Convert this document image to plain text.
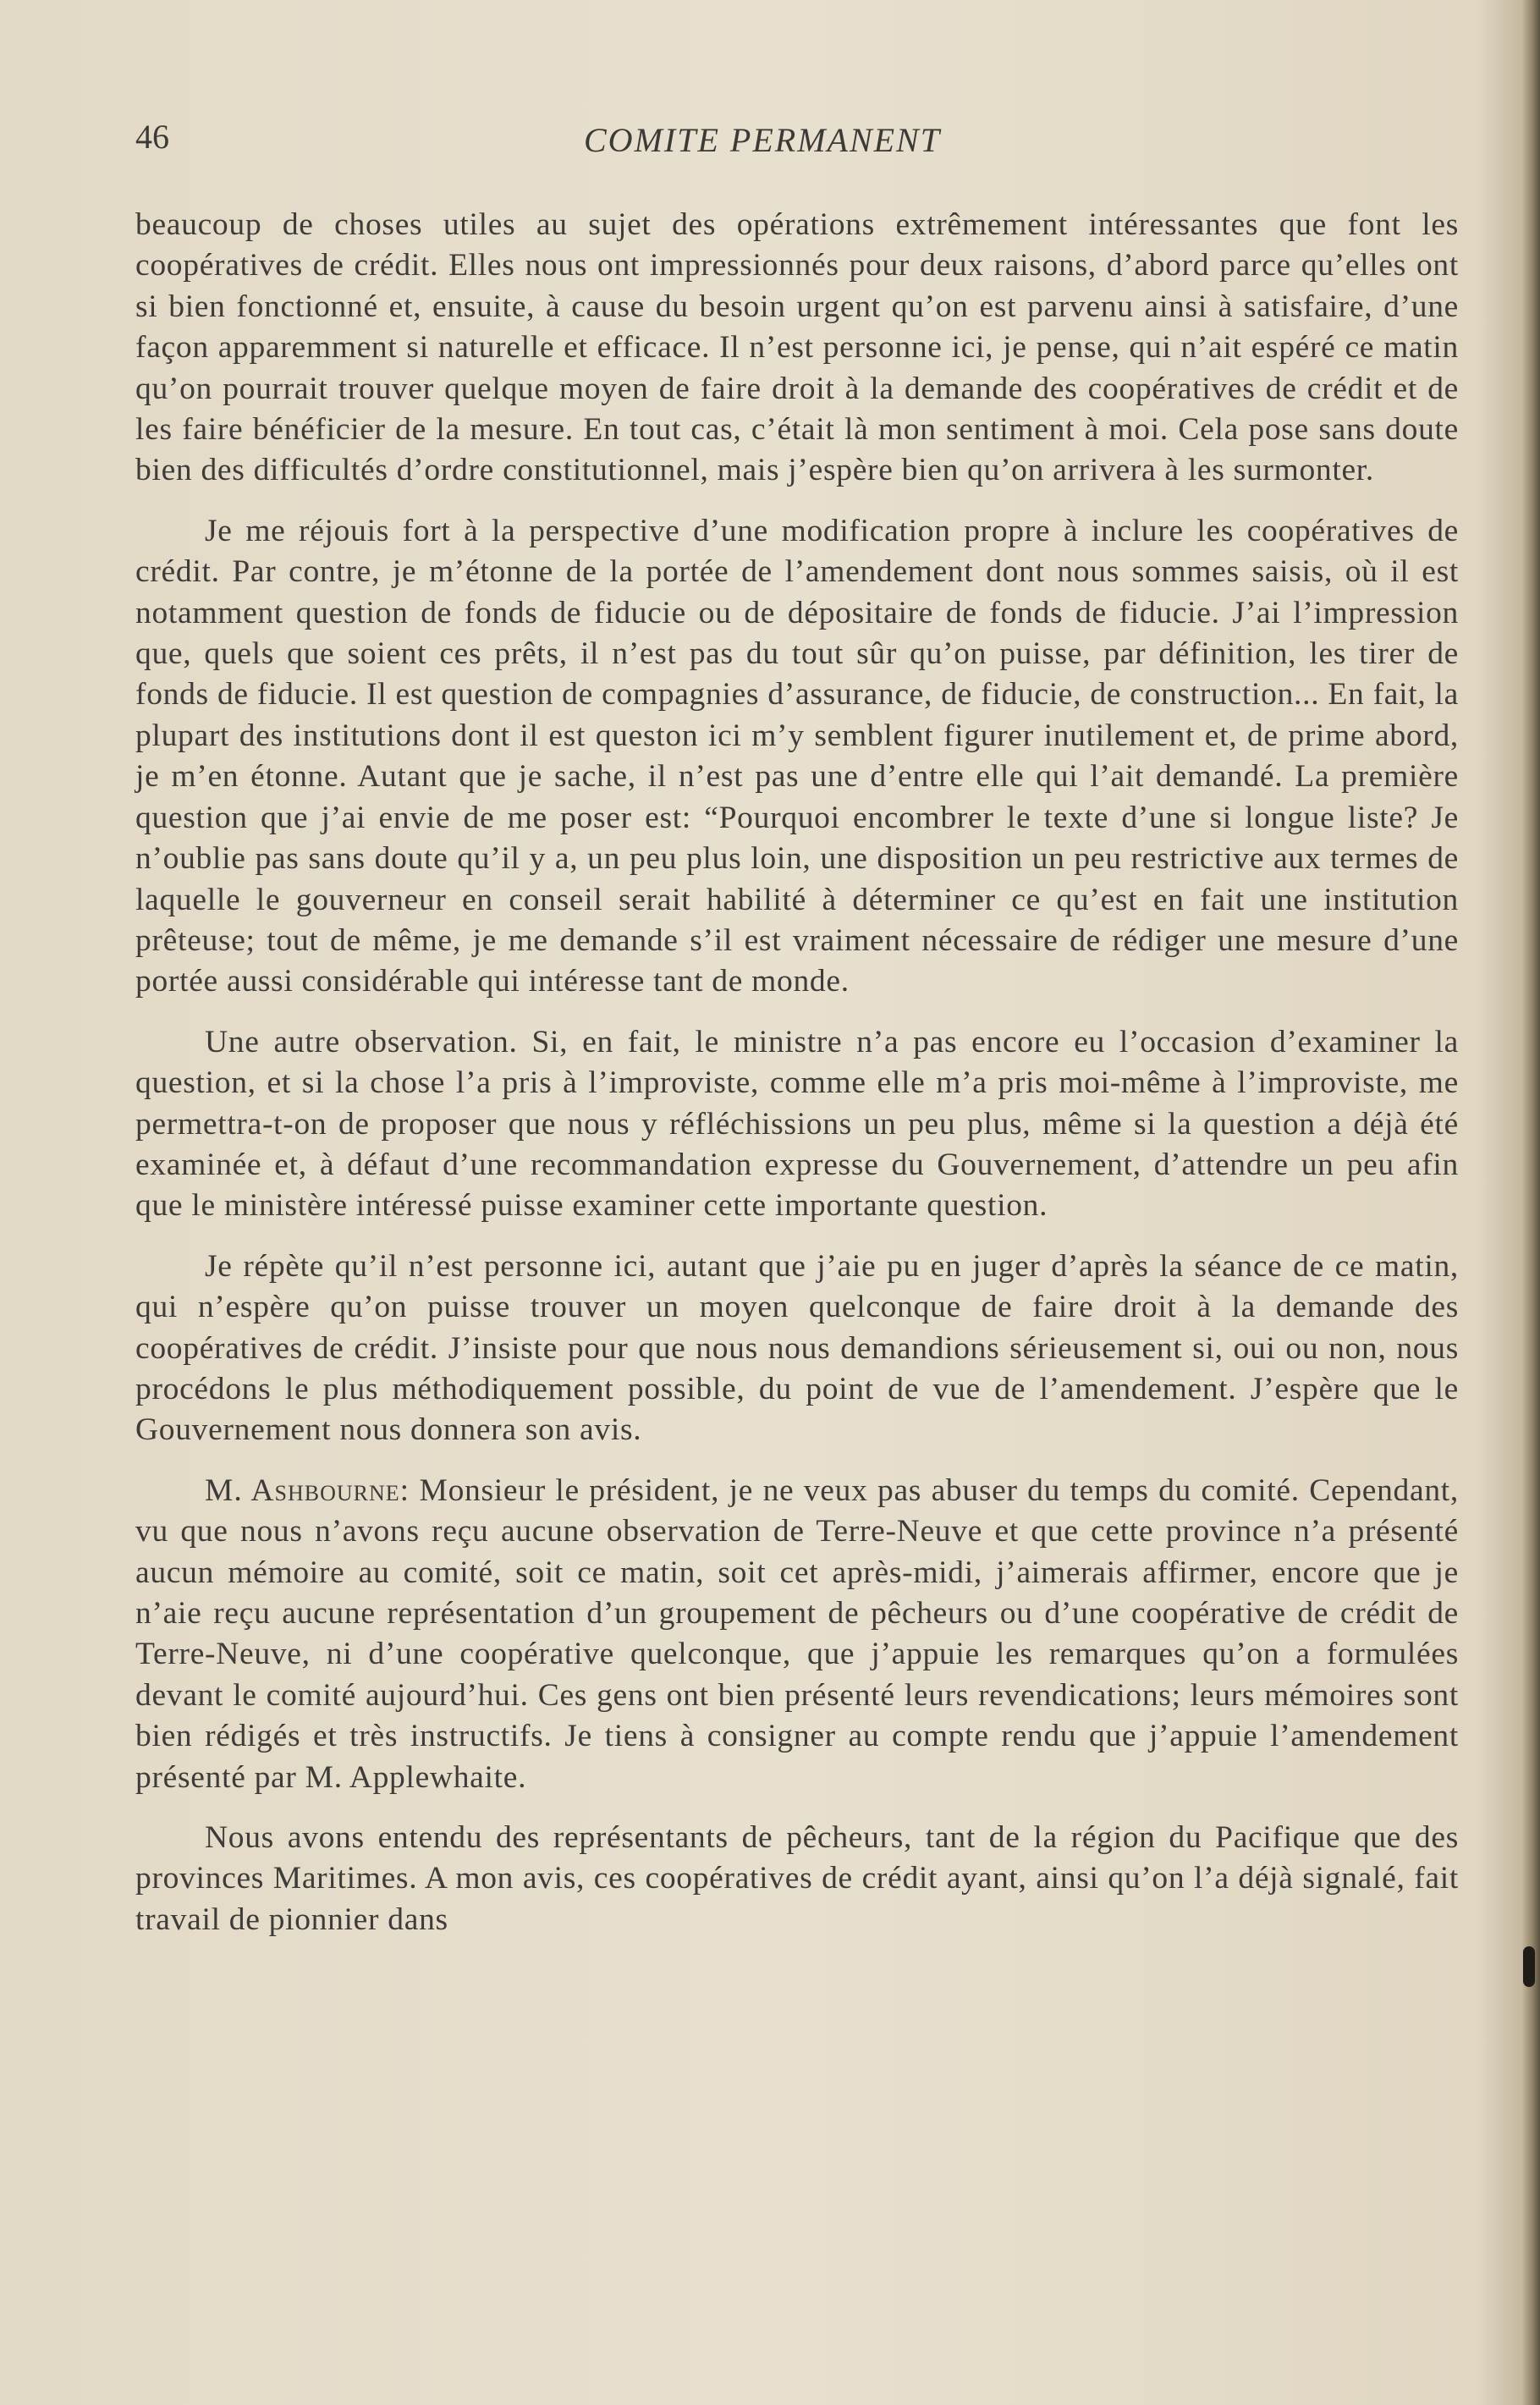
46	COMITE PERMANENT

beaucoup de choses utiles au sujet des opérations extrêmement intéressantes que font les coopératives de crédit. Elles nous ont impressionnés pour deux raisons, d’abord parce qu’elles ont si bien fonctionné et, ensuite, à cause du besoin urgent qu’on est parvenu ainsi à satisfaire, d’une façon apparemment si naturelle et efficace. Il n’est personne ici, je pense, qui n’ait espéré ce matin qu’on pourrait trouver quelque moyen de faire droit à la demande des coopératives de crédit et de les faire bénéficier de la mesure. En tout cas, c’était là mon sentiment à moi. Cela pose sans doute bien des difficultés d’ordre constitutionnel, mais j’espère bien qu’on arrivera à les surmonter.

Je me réjouis fort à la perspective d’une modification propre à inclure les coopératives de crédit. Par contre, je m’étonne de la portée de l’amendement dont nous sommes saisis, où il est notamment question de fonds de fiducie ou de dépositaire de fonds de fiducie. J’ai l’impression que, quels que soient ces prêts, il n’est pas du tout sûr qu’on puisse, par définition, les tirer de fonds de fiducie. Il est question de compagnies d’assurance, de fiducie, de construction... En fait, la plupart des institutions dont il est queston ici m’y semblent figurer inutilement et, de prime abord, je m’en étonne. Autant que je sache, il n’est pas une d’entre elle qui l’ait demandé. La première question que j’ai envie de me poser est: “Pourquoi encombrer le texte d’une si longue liste? Je n’oublie pas sans doute qu’il y a, un peu plus loin, une disposition un peu restrictive aux termes de laquelle le gouverneur en conseil serait habilité à déterminer ce qu’est en fait une institution prêteuse; tout de même, je me demande s’il est vraiment nécessaire de rédiger une mesure d’une portée aussi considérable qui intéresse tant de monde.

Une autre observation. Si, en fait, le ministre n’a pas encore eu l’occasion d’examiner la question, et si la chose l’a pris à l’improviste, comme elle m’a pris moi-même à l’improviste, me permettra-t-on de proposer que nous y réfléchissions un peu plus, même si la question a déjà été examinée et, à défaut d’une recommandation expresse du Gouvernement, d’attendre un peu afin que le ministère intéressé puisse examiner cette importante question.

Je répète qu’il n’est personne ici, autant que j’aie pu en juger d’après la séance de ce matin, qui n’espère qu’on puisse trouver un moyen quelconque de faire droit à la demande des coopératives de crédit. J’insiste pour que nous nous demandions sérieusement si, oui ou non, nous procédons le plus méthodiquement possible, du point de vue de l’amendement. J’espère que le Gouvernement nous donnera son avis.

M. Ashbourne: Monsieur le président, je ne veux pas abuser du temps du comité. Cependant, vu que nous n’avons reçu aucune observation de Terre-Neuve et que cette province n’a présenté aucun mémoire au comité, soit ce matin, soit cet après-midi, j’aimerais affirmer, encore que je n’aie reçu aucune représentation d’un groupement de pêcheurs ou d’une coopérative de crédit de Terre-Neuve, ni d’une coopérative quelconque, que j’appuie les remarques qu’on a formulées devant le comité aujourd’hui. Ces gens ont bien présenté leurs revendications; leurs mémoires sont bien rédigés et très instructifs. Je tiens à consigner au compte rendu que j’appuie l’amendement présenté par M. Applewhaite.

Nous avons entendu des représentants de pêcheurs, tant de la région du Pacifique que des provinces Maritimes. A mon avis, ces coopératives de crédit ayant, ainsi qu’on l’a déjà signalé, fait travail de pionnier dans
